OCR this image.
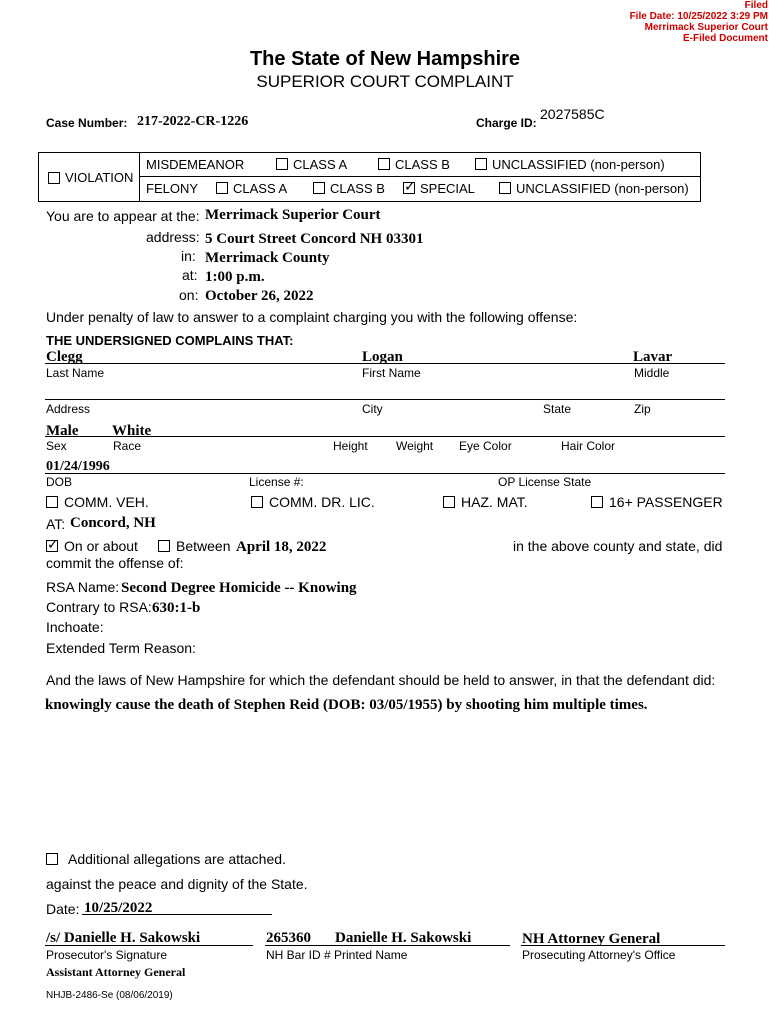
Filed
File Date: 10/25/2022 3:29 PM
Merrimack Superior Court
E-Filed Document
The State of New Hampshire
SUPERIOR COURT COMPLAINT
Case Number: 217-2022-CR-1226	Charge ID:
2027585C
VIOLATION
MISDEMEANOR	CLASS A	CLASS B	UNCLASSIFIED (non-person)
FELONY	CLASS A	CLASS B
✓	SPECIAL	UNCLASSIFIED (non-person)
You are to appear at the: Merrimack Superior Court
address: 5 Court Street Concord NH 03301
in: Merrimack County
at: 1:00 p.m.
on: October 26, 2022
Under penalty of law to answer to a complaint charging you with the following offense:
THE UNDERSIGNED COMPLAINS THAT:
Clegg	Logan	Lavar
Last Name	First Name	Middle
Address	City	State	Zip
Male White
Sex	Race	Height Weight Eye Color	Hair Color
01/24/1996
DOB	License #:	OP License State
COMM. VEH.	COMM. DR. LIC.	HAZ. MAT.	16+ PASSENGER
AT: Concord, NH
✓
On or about	Between April 18, 2022	in the above county and state, did
commit the offense of:
RSA Name: Second Degree Homicide -- Knowing
Contrary to RSA: 630:1-b
Inchoate:
Extended Term Reason:
And the laws of New Hampshire for which the defendant should be held to answer, in that the defendant did:
knowingly cause the death of Stephen Reid (DOB: 03/05/1955) by shooting him multiple times.
Additional allegations are attached.
against the peace and dignity of the State.
Date: 10/25/2022
/s/ Danielle H. Sakowski	265360 Danielle H. Sakowski	NH Attorney General
Prosecutor's Signature	NH Bar ID # Printed Name	Prosecuting Attorney's Office
Assistant Attorney General
NHJB-2486-Se (08/06/2019)
